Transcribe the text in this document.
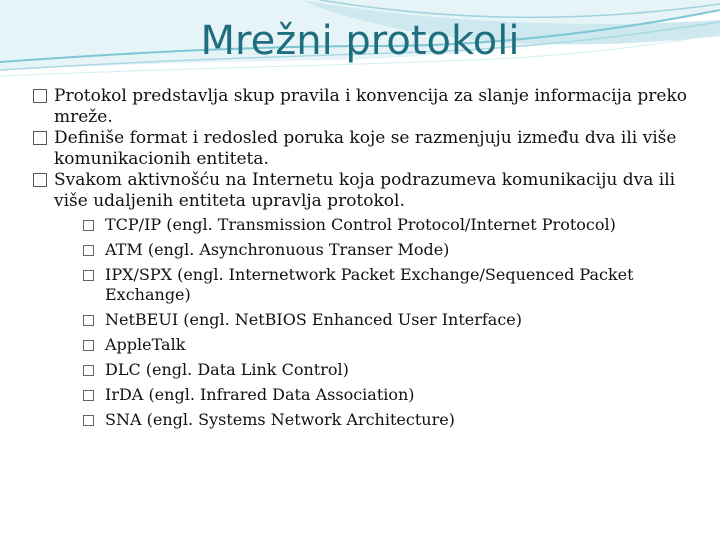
Mrežni protokoli
Protokol predstavlja skup pravila i konvencija za slanje informacija preko mreže.
Definiše format i redosled poruka koje se razmenjuju između dva ili više komunikacionih entiteta.
Svakom aktivnošću na Internetu koja podrazumeva komunikaciju dva ili više udaljenih entiteta upravlja protokol.
TCP/IP (engl. Transmission Control Protocol/Internet Protocol)
ATM (engl. Asynchronuous Transer Mode)
IPX/SPX (engl. Internetwork Packet Exchange/Sequenced Packet Exchange)
NetBEUI (engl. NetBIOS Enhanced User Interface)
AppleTalk
DLC (engl. Data Link Control)
IrDA (engl. Infrared Data Association)
SNA (engl. Systems Network Architecture)
